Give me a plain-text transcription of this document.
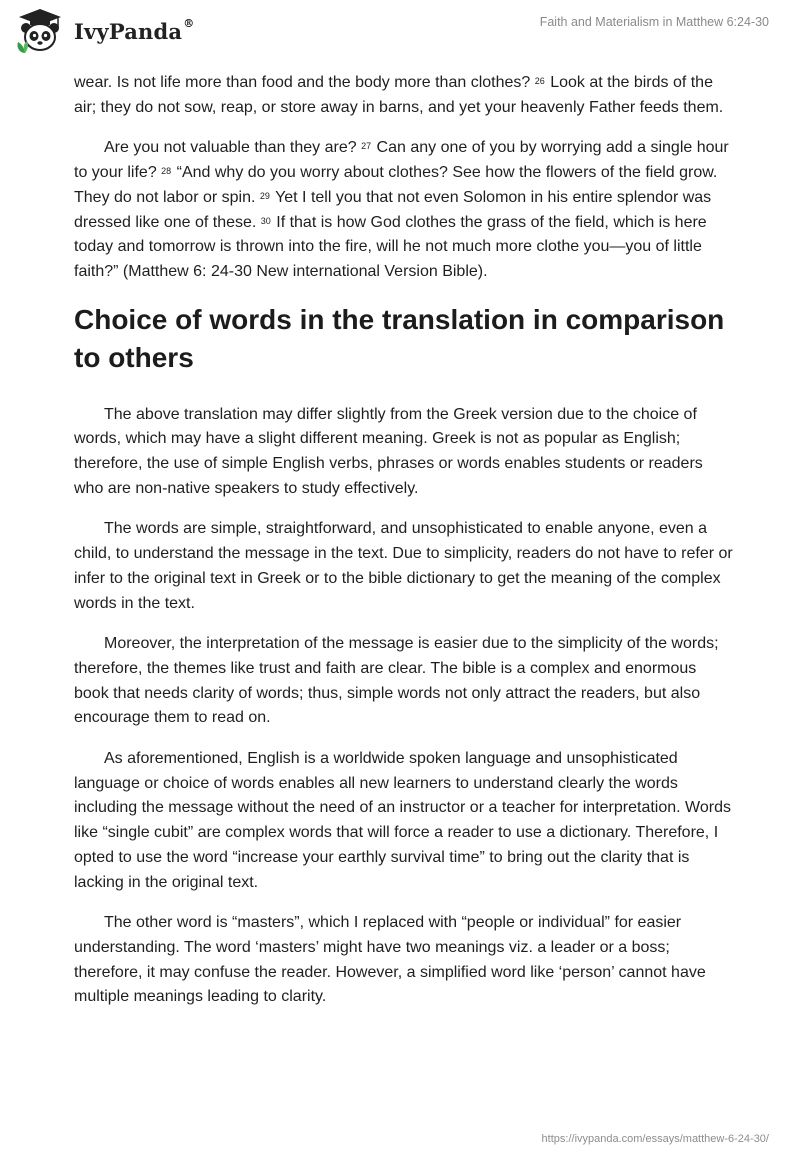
IvyPanda®	Faith and Materialism in Matthew 6:24-30

wear. Is not life more than food and the body more than clothes? $^{26}$ Look at the birds of the air; they do not sow, reap, or store away in barns, and yet your heavenly Father feeds them.

Are you not valuable than they are? $^{27}$ Can any one of you by worrying add a single hour to your life? $^{28}$ “And why do you worry about clothes? See how the flowers of the field grow. They do not labor or spin. $^{29}$ Yet I tell you that not even Solomon in his entire splendor was dressed like one of these. $^{30}$ If that is how God clothes the grass of the field, which is here today and tomorrow is thrown into the fire, will he not much more clothe you—you of little faith?” (Matthew 6: 24-30 New international Version Bible).

Choice of words in the translation in comparison to others

The above translation may differ slightly from the Greek version due to the choice of words, which may have a slight different meaning. Greek is not as popular as English; therefore, the use of simple English verbs, phrases or words enables students or readers who are non-native speakers to study effectively.

The words are simple, straightforward, and unsophisticated to enable anyone, even a child, to understand the message in the text. Due to simplicity, readers do not have to refer or infer to the original text in Greek or to the bible dictionary to get the meaning of the complex words in the text.

Moreover, the interpretation of the message is easier due to the simplicity of the words; therefore, the themes like trust and faith are clear. The bible is a complex and enormous book that needs clarity of words; thus, simple words not only attract the readers, but also encourage them to read on.

As aforementioned, English is a worldwide spoken language and unsophisticated language or choice of words enables all new learners to understand clearly the words including the message without the need of an instructor or a teacher for interpretation. Words like “single cubit” are complex words that will force a reader to use a dictionary. Therefore, I opted to use the word “increase your earthly survival time” to bring out the clarity that is lacking in the original text.

The other word is “masters”, which I replaced with “people or individual” for easier understanding. The word ‘masters’ might have two meanings viz. a leader or a boss; therefore, it may confuse the reader. However, a simplified word like ‘person’ cannot have multiple meanings leading to clarity.

https://ivypanda.com/essays/matthew-6-24-30/
